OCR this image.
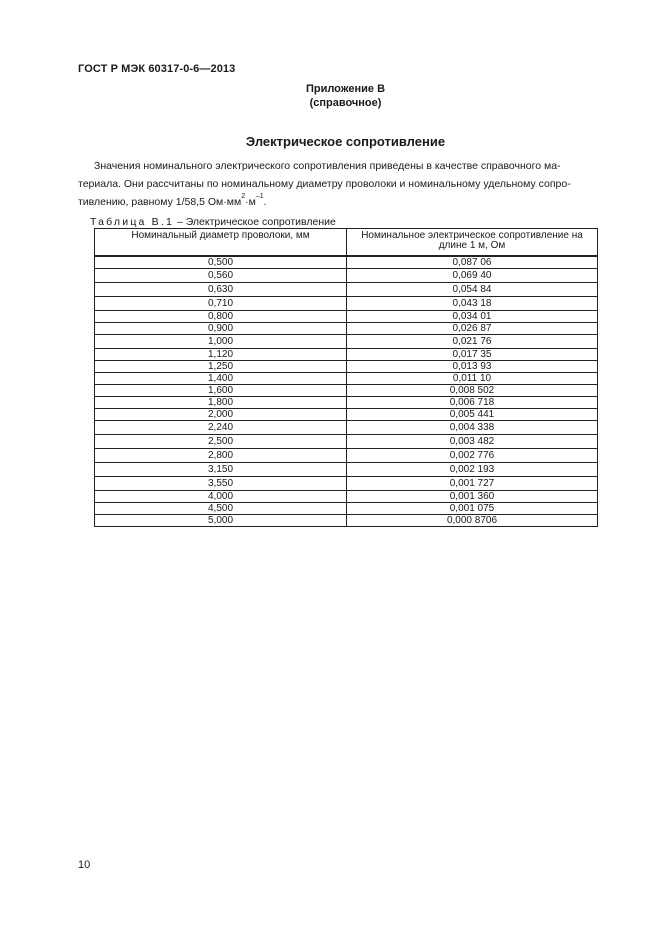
ГОСТ Р МЭК 60317-0-6—2013
Приложение В
(справочное)
Электрическое сопротивление
Значения номинального электрического сопротивления приведены в качестве справочного ма-
териала. Они рассчитаны по номинальному диаметру проволоки и номинальному удельному сопро-
тивлению, равному 1/58,5 $Ом\cdot мм^2\cdot м^{-1}$.
Таблица В.1 – Электрическое сопротивление
Номинальный диаметр проволоки, мм	Номинальное электрическое сопротивление на длине 1 м, Ом
0,500	0,087 06
0,560	0,069 40
0,630	0,054 84
0,710	0,043 18
0,800	0,034 01
0,900	0,026 87
1,000	0,021 76
1,120	0,017 35
1,250	0,013 93
1,400	0,011 10
1,600	0,008 502
1,800	0,006 718
2,000	0,005 441
2,240	0,004 338
2,500	0,003 482
2,800	0,002 776
3,150	0,002 193
3,550	0,001 727
4,000	0,001 360
4,500	0,001 075
5,000	0,000 8706
10
